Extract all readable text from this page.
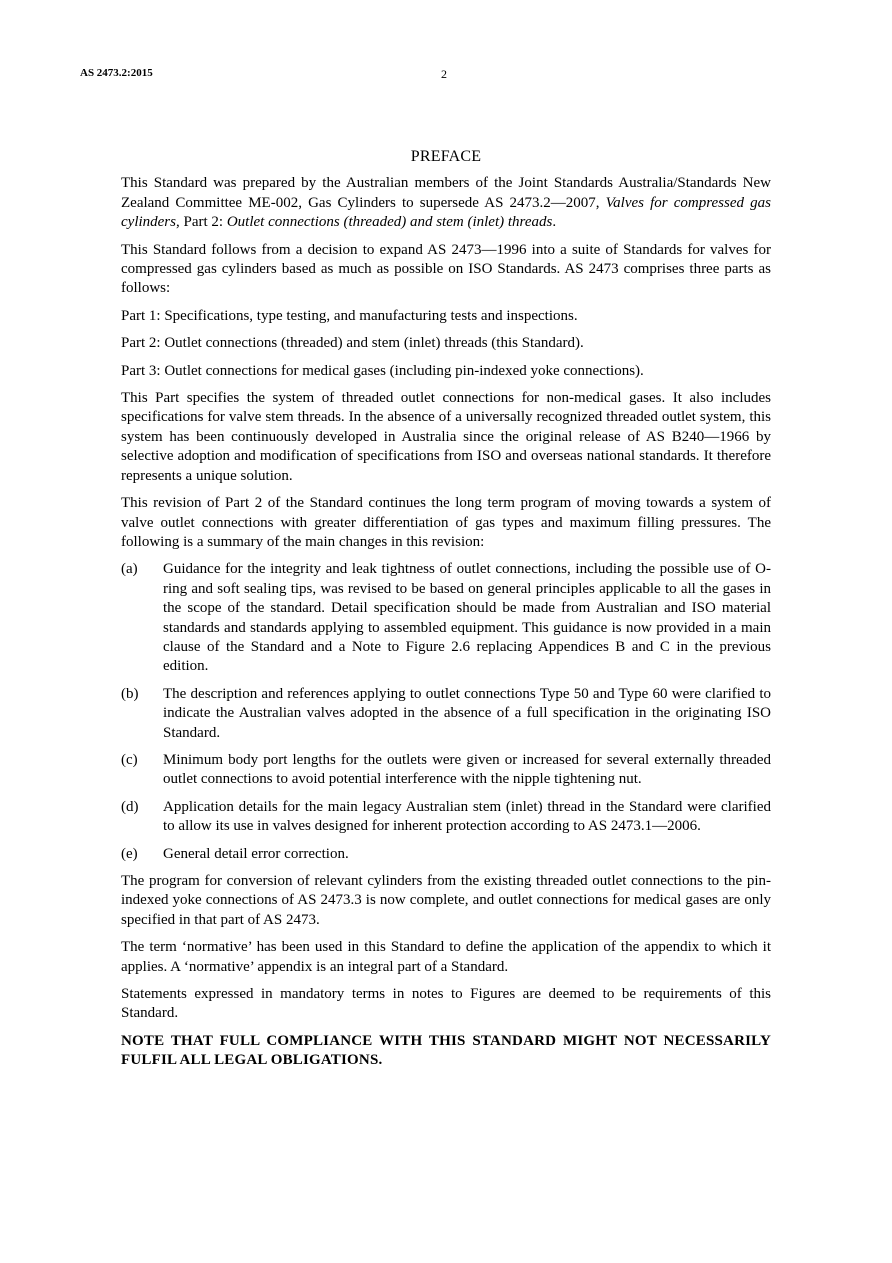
AS 2473.2:2015	2
PREFACE

This Standard was prepared by the Australian members of the Joint Standards Australia/Standards New Zealand Committee ME-002, Gas Cylinders to supersede AS 2473.2—2007, Valves for compressed gas cylinders, Part 2: Outlet connections (threaded) and stem (inlet) threads.

This Standard follows from a decision to expand AS 2473—1996 into a suite of Standards for valves for compressed gas cylinders based as much as possible on ISO Standards. AS 2473 comprises three parts as follows:

Part 1: Specifications, type testing, and manufacturing tests and inspections.

Part 2: Outlet connections (threaded) and stem (inlet) threads (this Standard).

Part 3: Outlet connections for medical gases (including pin-indexed yoke connections).

This Part specifies the system of threaded outlet connections for non-medical gases. It also includes specifications for valve stem threads. In the absence of a universally recognized threaded outlet system, this system has been continuously developed in Australia since the original release of AS B240—1966 by selective adoption and modification of specifications from ISO and overseas national standards. It therefore represents a unique solution.

This revision of Part 2 of the Standard continues the long term program of moving towards a system of valve outlet connections with greater differentiation of gas types and maximum filling pressures. The following is a summary of the main changes in this revision:

(a)	Guidance for the integrity and leak tightness of outlet connections, including the possible use of O-ring and soft sealing tips, was revised to be based on general principles applicable to all the gases in the scope of the standard. Detail specification should be made from Australian and ISO material standards and standards applying to assembled equipment. This guidance is now provided in a main clause of the Standard and a Note to Figure 2.6 replacing Appendices B and C in the previous edition.
(b)	The description and references applying to outlet connections Type 50 and Type 60 were clarified to indicate the Australian valves adopted in the absence of a full specification in the originating ISO Standard.
(c)	Minimum body port lengths for the outlets were given or increased for several externally threaded outlet connections to avoid potential interference with the nipple tightening nut.
(d)	Application details for the main legacy Australian stem (inlet) thread in the Standard were clarified to allow its use in valves designed for inherent protection according to AS 2473.1—2006.
(e)	General detail error correction.

The program for conversion of relevant cylinders from the existing threaded outlet connections to the pin-indexed yoke connections of AS 2473.3 is now complete, and outlet connections for medical gases are only specified in that part of AS 2473.

The term ‘normative’ has been used in this Standard to define the application of the appendix to which it applies. A ‘normative’ appendix is an integral part of a Standard.

Statements expressed in mandatory terms in notes to Figures are deemed to be requirements of this Standard.

NOTE THAT FULL COMPLIANCE WITH THIS STANDARD MIGHT NOT NECESSARILY FULFIL ALL LEGAL OBLIGATIONS.
